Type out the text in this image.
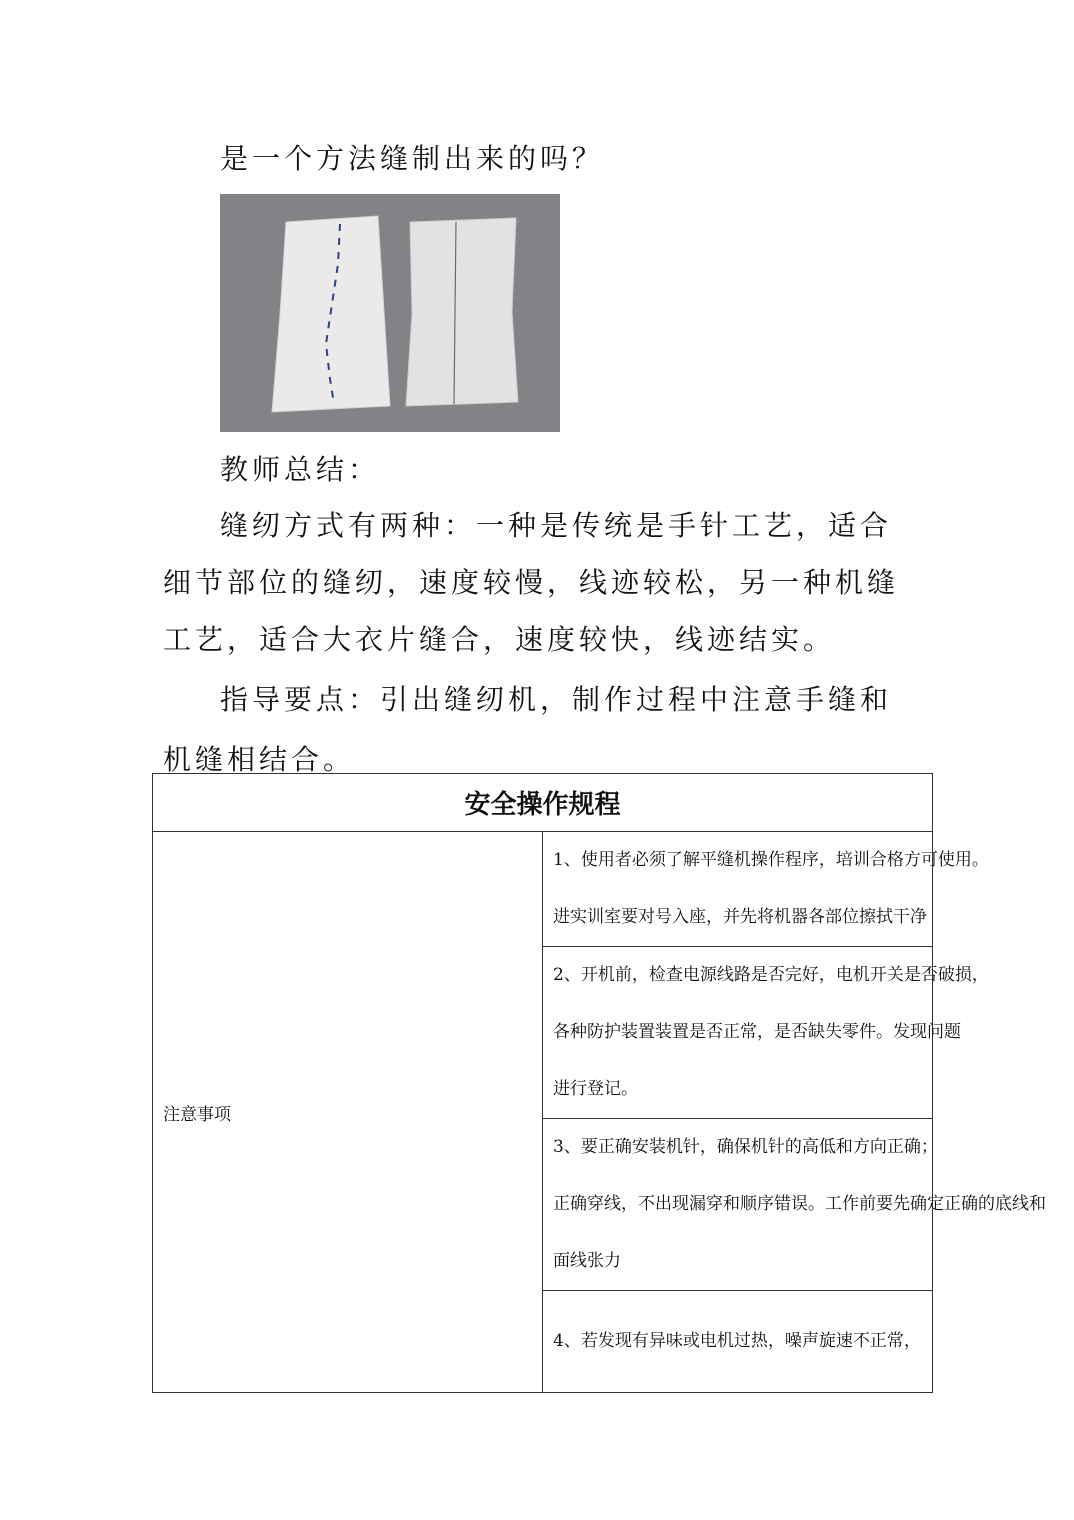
是一个方法缝制出来的吗？

教师总结：

缝纫方式有两种：一种是传统是手针工艺，适合细节部位的缝纫，速度较慢，线迹较松，另一种机缝工艺，适合大衣片缝合，速度较快，线迹结实。

指导要点：引出缝纫机，制作过程中注意手缝和机缝相结合。

安全操作规程
注意事项	
1、使用者必须了解平缝机操作程序，培训合格方可使用。
进实训室要对号入座，并先将机器各部位擦拭干净

2、开机前，检查电源线路是否完好，电机开关是否破损，
各种防护装置装置是否正常，是否缺失零件。发现问题
进行登记。

3、要正确安装机针，确保机针的高低和方向正确；
正确穿线，不出现漏穿和顺序错误。工作前要先确定正确的底线和
面线张力

4、若发现有异味或电机过热，噪声旋速不正常，
